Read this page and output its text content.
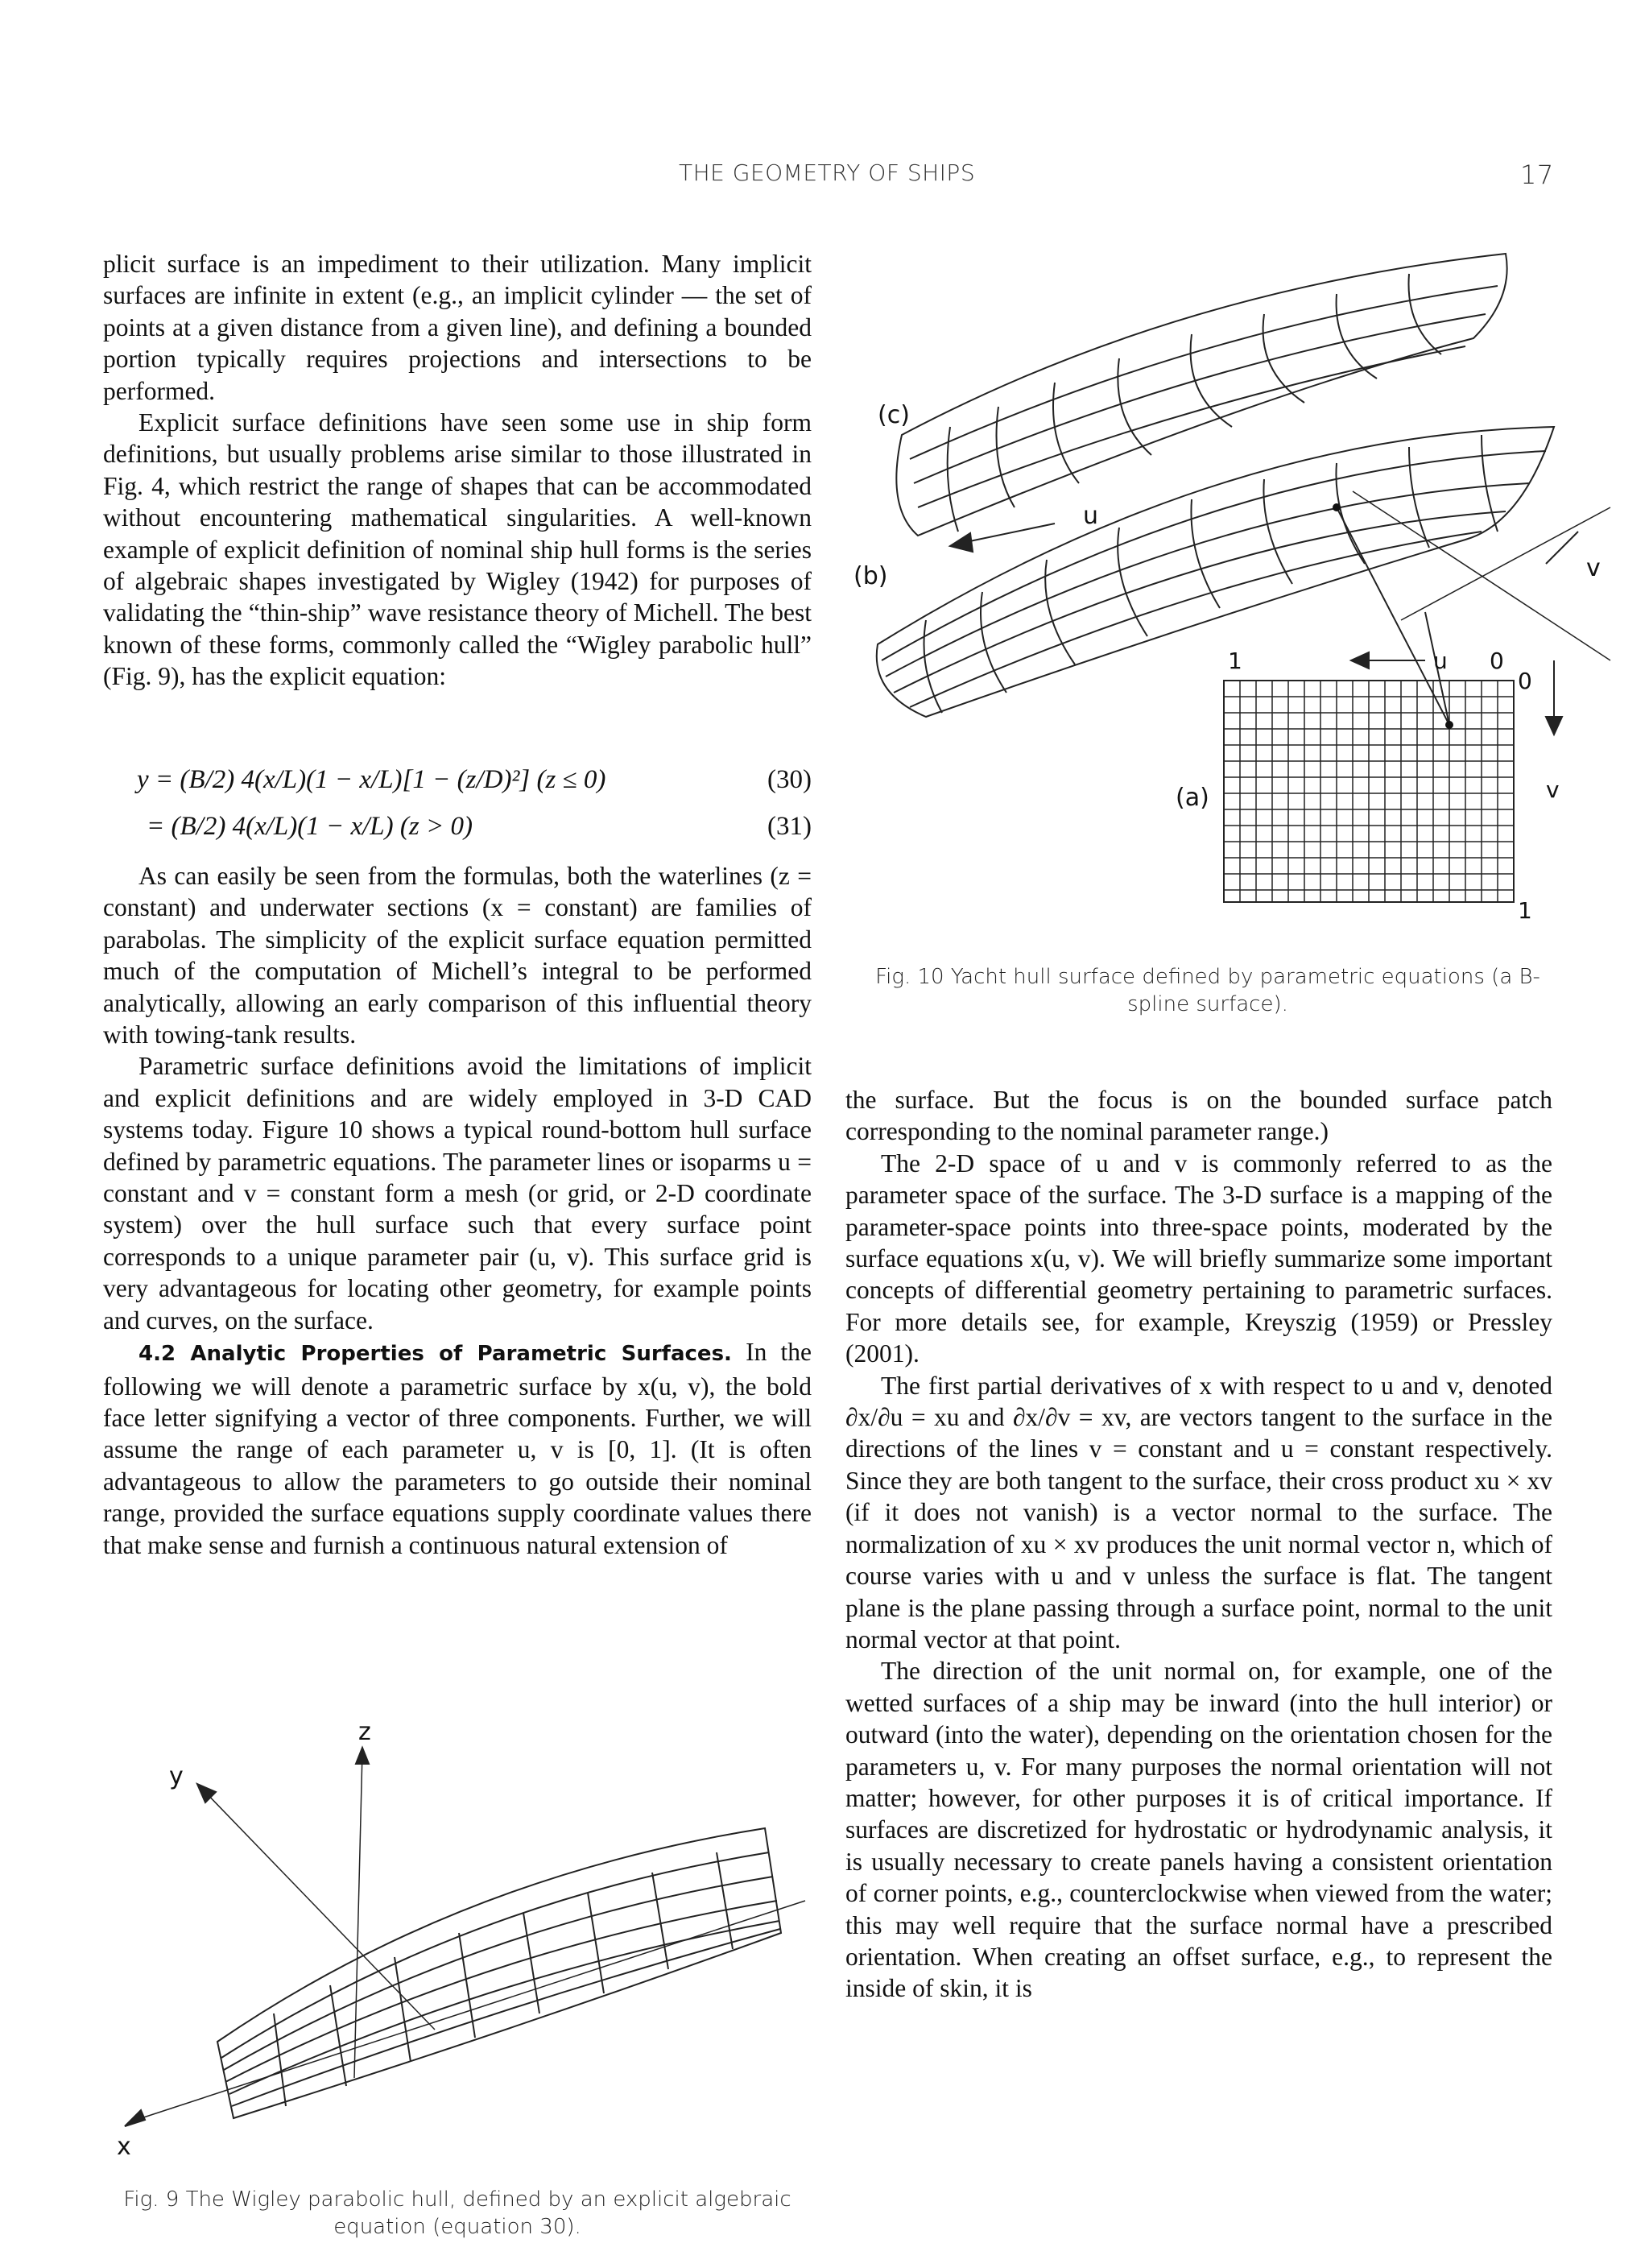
THE GEOMETRY OF SHIPS	17

plicit surface is an impediment to their utilization. Many implicit surfaces are infinite in extent (e.g., an implicit cylinder — the set of points at a given distance from a given line), and defining a bounded portion typically requires projections and intersections to be performed.

Explicit surface definitions have seen some use in ship form definitions, but usually problems arise similar to those illustrated in Fig. 4, which restrict the range of shapes that can be accommodated without encountering mathematical singularities. A well-known example of explicit definition of nominal ship hull forms is the series of algebraic shapes investigated by Wigley (1942) for purposes of validating the “thin-ship” wave resistance theory of Michell. The best known of these forms, commonly called the “Wigley parabolic hull” (Fig. 9), has the explicit equation:

y = (B/2) 4(x/L)(1 − x/L)[1 − (z/D)²] (z ≤ 0)	(30)
= (B/2) 4(x/L)(1 − x/L) (z > 0)	(31)

As can easily be seen from the formulas, both the waterlines (z = constant) and underwater sections (x = constant) are families of parabolas. The simplicity of the explicit surface equation permitted much of the computation of Michell’s integral to be performed analytically, allowing an early comparison of this influential theory with towing-tank results.

Parametric surface definitions avoid the limitations of implicit and explicit definitions and are widely employed in 3-D CAD systems today. Figure 10 shows a typical round-bottom hull surface defined by parametric equations. The parameter lines or isoparms u = constant and v = constant form a mesh (or grid, or 2-D coordinate system) over the hull surface such that every surface point corresponds to a unique parameter pair (u, v). This surface grid is very advantageous for locating other geometry, for example points and curves, on the surface.

4.2 Analytic Properties of Parametric Surfaces. In the following we will denote a parametric surface by x(u, v), the bold face letter signifying a vector of three components. Further, we will assume the range of each parameter u, v is [0, 1]. (It is often advantageous to allow the parameters to go outside their nominal range, provided the surface equations supply coordinate values there that make sense and furnish a continuous natural extension of

the surface. But the focus is on the bounded surface patch corresponding to the nominal parameter range.)

The 2-D space of u and v is commonly referred to as the parameter space of the surface. The 3-D surface is a mapping of the parameter-space points into three-space points, moderated by the surface equations x(u, v). We will briefly summarize some important concepts of differential geometry pertaining to parametric surfaces. For more details see, for example, Kreyszig (1959) or Pressley (2001).

The first partial derivatives of x with respect to u and v, denoted ∂x/∂u = xu and ∂x/∂v = xv, are vectors tangent to the surface in the directions of the lines v = constant and u = constant respectively. Since they are both tangent to the surface, their cross product xu × xv (if it does not vanish) is a vector normal to the surface. The normalization of xu × xv produces the unit normal vector n, which of course varies with u and v unless the surface is flat. The tangent plane is the plane passing through a surface point, normal to the unit normal vector at that point.

The direction of the unit normal on, for example, one of the wetted surfaces of a ship may be inward (into the hull interior) or outward (into the water), depending on the orientation chosen for the parameters u, v. For many purposes the normal orientation will not matter; however, for other purposes it is of critical importance. If surfaces are discretized for hydrostatic or hydrodynamic analysis, it is usually necessary to create panels having a consistent orientation of corner points, e.g., counterclockwise when viewed from the water; this may well require that the surface normal have a prescribed orientation. When creating an offset surface, e.g., to represent the inside of skin, it is

(c)
(b)
(a)
u
v
1	u 0
0
v
1
Fig. 10 Yacht hull surface defined by parametric equations (a B-spline surface).
z
y
x
Fig. 9 The Wigley parabolic hull, defined by an explicit algebraic equation (equation 30).
